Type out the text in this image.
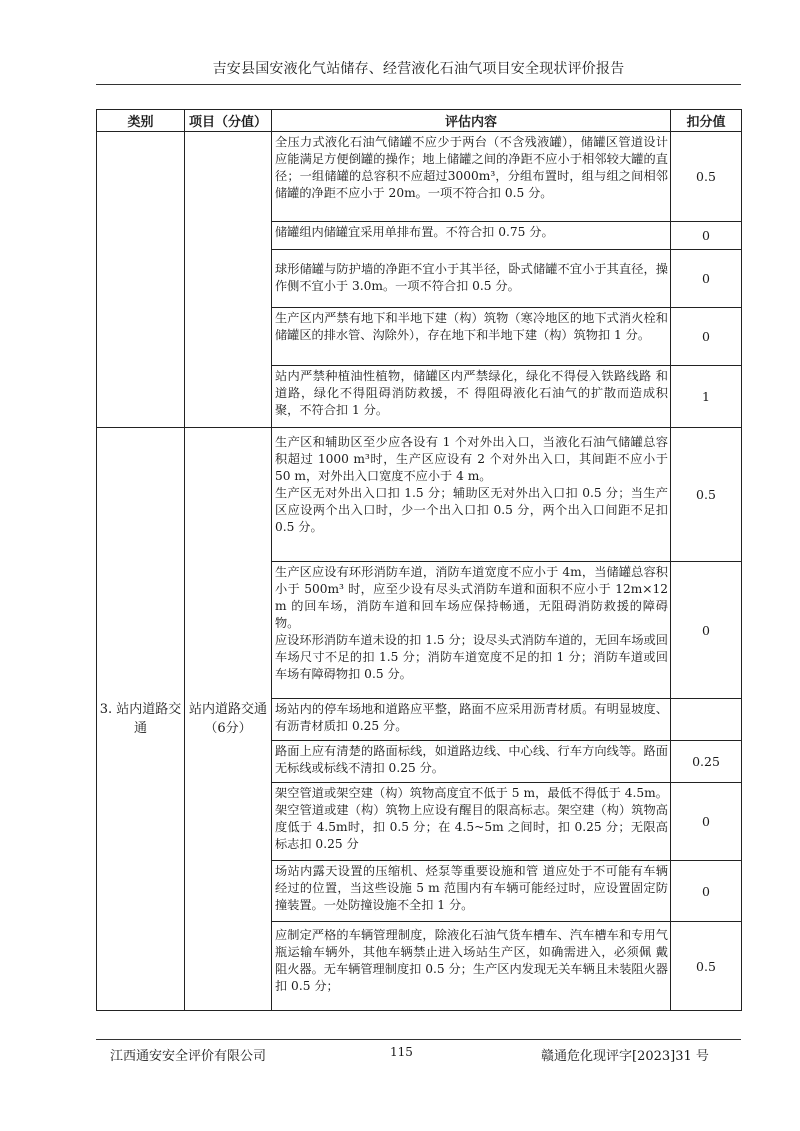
吉安县国安液化气站储存、经营液化石油气项目安全现状评价报告
类别	项目（分值）	评估内容	扣分值

		全压力式液化石油气储罐不应少于两台（不含残液罐），储罐区管道设计应能满足方便倒罐的操作；地上储罐之间的净距不应小于相邻较大罐的直径；一组储罐的总容积不应超过3000m³，分组布置时，组与组之间相邻储罐的净距不应小于 20m。一项不符合扣 0.5 分。	0.5

		储罐组内储罐宜采用单排布置。不符合扣 0.75 分。	0

		球形储罐与防护墙的净距不宜小于其半径，卧式储罐不宜小于其直径，操作侧不宜小于 3.0m。一项不符合扣 0.5 分。	0

		生产区内严禁有地下和半地下建（构）筑物（寒冷地区的地下式消火栓和储罐区的排水管、沟除外），存在地下和半地下建（构）筑物扣 1 分。	0

		站内严禁种植油性植物，储罐区内严禁绿化，绿化不得侵入铁路线路 和道路，绿化不得阻碍消防救援，不 得阻碍液化石油气的扩散而造成积聚，不符合扣 1 分。	1
3. 站内道路交通	站内道路交通（6分）	生产区和辅助区至少应各设有 1 个对外出入口，当液化石油气储罐总容积超过 1000 m³时，生产区应设有 2 个对外出入口，其间距不应小于 50 m，对外出入口宽度不应小于 4 m。
生产区无对外出入口扣 1.5 分；辅助区无对外出入口扣 0.5 分；当生产区应设两个出入口时，少一个出入口扣 0.5 分，两个出入口间距不足扣 0.5 分。	0.5

		生产区应设有环形消防车道，消防车道宽度不应小于 4m，当储罐总容积小于 500m³ 时，应至少设有尽头式消防车道和面积不应小于 12m×12 m 的回车场，消防车道和回车场应保持畅通，无阻碍消防救援的障碍物。
应设环形消防车道未设的扣 1.5 分；设尽头式消防车道的，无回车场或回车场尺寸不足的扣 1.5 分；消防车道宽度不足的扣 1 分；消防车道或回车场有障碍物扣 0.5 分。	0

		场站内的停车场地和道路应平整，路面不应采用沥青材质。有明显坡度、有沥青材质扣 0.25 分。	

		路面上应有清楚的路面标线，如道路边线、中心线、行车方向线等。路面无标线或标线不清扣 0.25 分。	0.25

		架空管道或架空建（构）筑物高度宜不低于 5 m，最低不得低于 4.5m。架空管道或建（构）筑物上应设有醒目的限高标志。架空建（构）筑物高度低于 4.5m时，扣 0.5 分；在 4.5~5m 之间时，扣 0.25 分；无限高标志扣 0.25 分	0

		场站内露天设置的压缩机、烃泵等重要设施和管 道应处于不可能有车辆经过的位置，当这些设施 5 m 范围内有车辆可能经过时，应设置固定防撞装置。一处防撞设施不全扣 1 分。	0

		应制定严格的车辆管理制度，除液化石油气货车槽车、汽车槽车和专用气瓶运输车辆外，其他车辆禁止进入场站生产区，如确需进入，必须佩 戴阻火器。无车辆管理制度扣 0.5 分；生产区内发现无关车辆且未装阻火器扣 0.5 分；	0.5
江西通安安全评价有限公司	115	赣通危化现评字[2023]31 号
